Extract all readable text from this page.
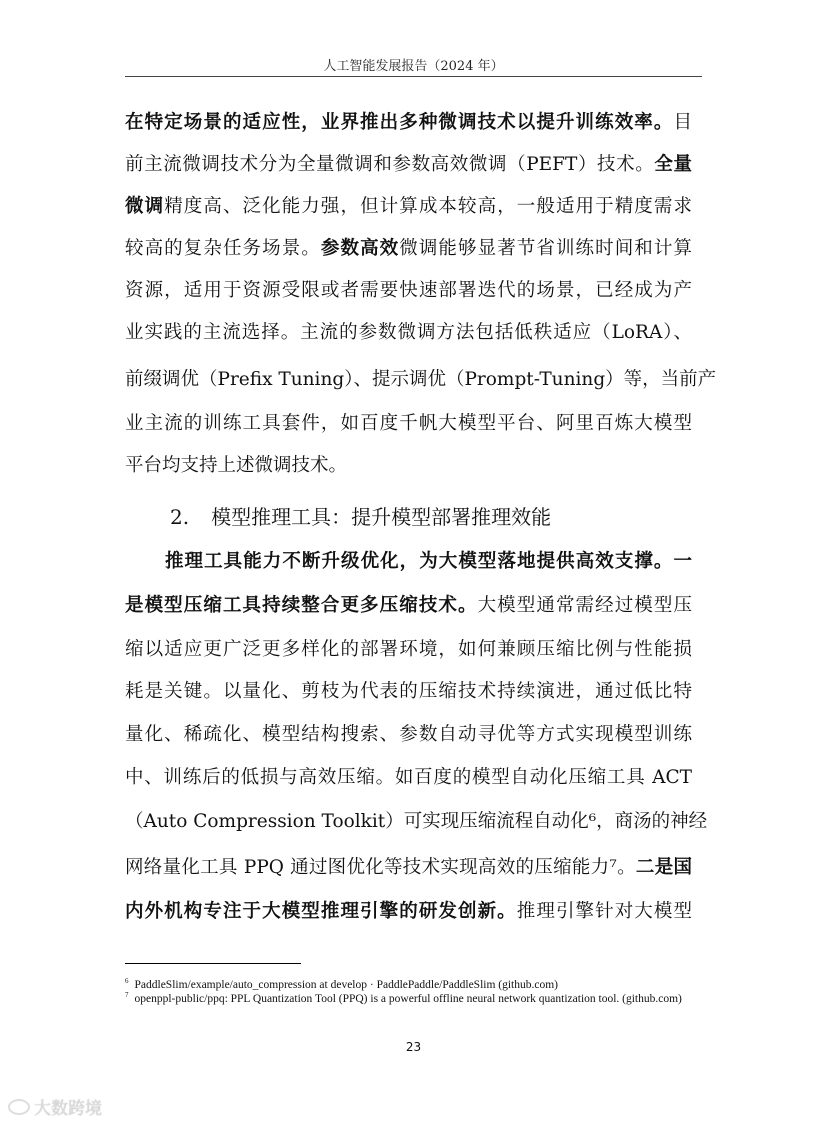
人工智能发展报告（2024 年）
在特定场景的适应性，业界推出多种微调技术以提升训练效率。目
前主流微调技术分为全量微调和参数高效微调（PEFT）技术。全量
微调精度高、泛化能力强，但计算成本较高，一般适用于精度需求
较高的复杂任务场景。参数高效微调能够显著节省训练时间和计算
资源，适用于资源受限或者需要快速部署迭代的场景，已经成为产
业实践的主流选择。主流的参数微调方法包括低秩适应（LoRA）、
前缀调优（Prefix Tuning）、提示调优（Prompt-Tuning）等，当前产
业主流的训练工具套件，如百度千帆大模型平台、阿里百炼大模型
平台均支持上述微调技术。
推理工具能力不断升级优化，为大模型落地提供高效支撑。一
是模型压缩工具持续整合更多压缩技术。大模型通常需经过模型压
缩以适应更广泛更多样化的部署环境，如何兼顾压缩比例与性能损
耗是关键。以量化、剪枝为代表的压缩技术持续演进，通过低比特
量化、稀疏化、模型结构搜索、参数自动寻优等方式实现模型训练
中、训练后的低损与高效压缩。如百度的模型自动化压缩工具 ACT
（Auto Compression Toolkit）可实现压缩流程自动化⁶，商汤的神经
网络量化工具 PPQ 通过图优化等技术实现高效的压缩能力⁷。二是国
内外机构专注于大模型推理引擎的研发创新。推理引擎针对大模型
2. 模型推理工具：提升模型部署推理效能
$^6$ PaddleSlim/example/auto_compression at develop · PaddlePaddle/PaddleSlim (github.com)
$^7$ openppl-public/ppq: PPL Quantization Tool (PPQ) is a powerful offline neural network quantization tool. (github.com)
23
大数跨境
